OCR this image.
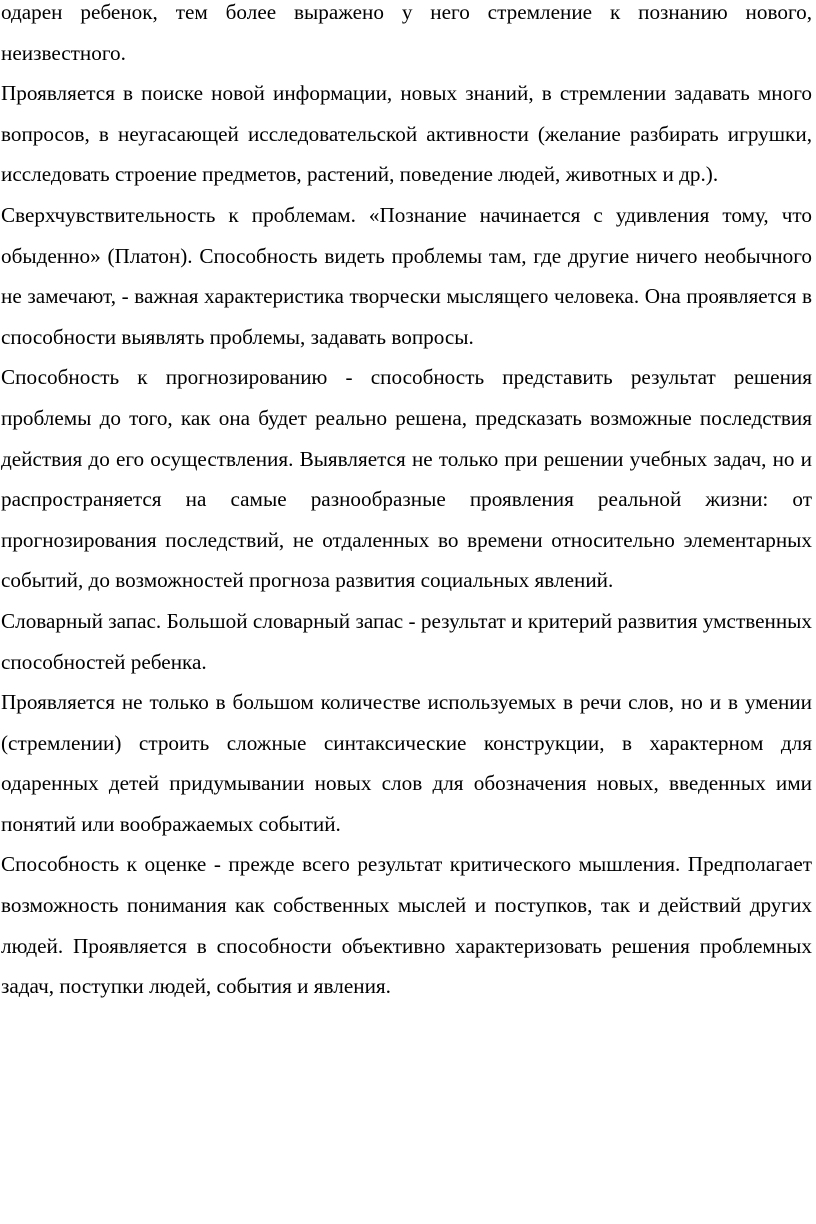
одарен ребенок, тем более выражено у него стремление к познанию нового, неизвестного.

Проявляется в поиске новой информации, новых знаний, в стремлении задавать много вопросов, в неугасающей исследовательской активности (желание разбирать игрушки, исследовать строение предметов, растений, поведение людей, животных и др.).

Сверхчувствительность к проблемам. «Познание начинается с удивления тому, что обыденно» (Платон). Способность видеть проблемы там, где другие ничего необычного не замечают, - важная характеристика творчески мыслящего человека. Она проявляется в способности выявлять проблемы, задавать вопросы.

Способность к прогнозированию - способность представить результат решения проблемы до того, как она будет реально решена, предсказать возможные последствия действия до его осуществления. Выявляется не только при решении учебных задач, но и распространяется на самые разнообразные проявления реальной жизни: от прогнозирования последствий, не отдаленных во времени относительно элементарных событий, до возможностей прогноза развития социальных явлений.

Словарный запас. Большой словарный запас - результат и критерий развития умственных способностей ребенка.

Проявляется не только в большом количестве используемых в речи слов, но и в умении (стремлении) строить сложные синтаксические конструкции, в характерном для одаренных детей придумывании новых слов для обозначения новых, введенных ими понятий или воображаемых событий.

Способность к оценке - прежде всего результат критического мышления. Предполагает возможность понимания как собственных мыслей и поступков, так и действий других людей. Проявляется в способности объективно характеризовать решения проблемных задач, поступки людей, события и явления.
